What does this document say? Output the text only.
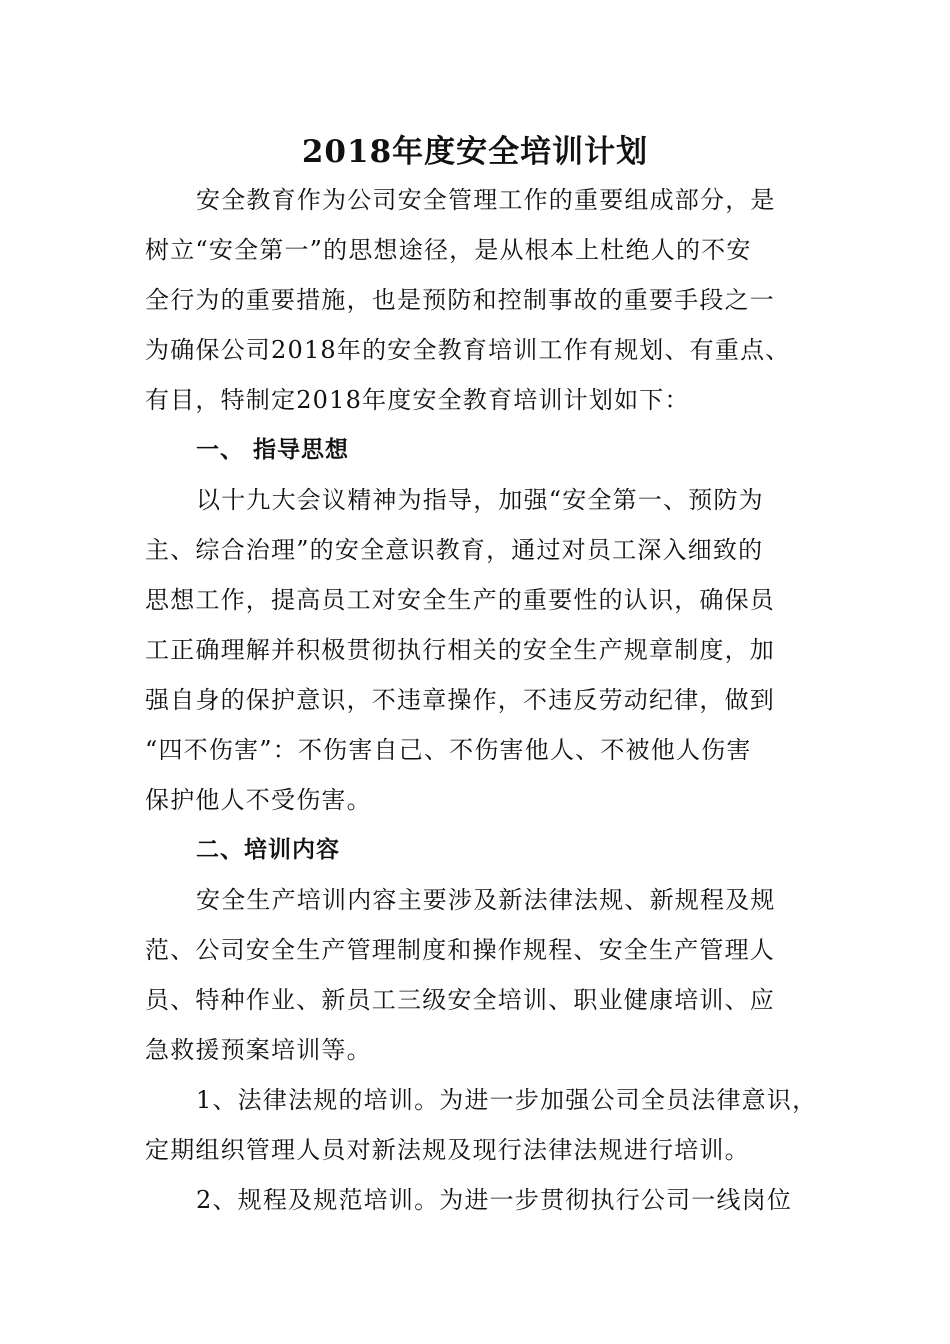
2018年度安全培训计划
安全教育作为公司安全管理工作的重要组成部分，是
树立“安全第一”的思想途径，是从根本上杜绝人的不安
全行为的重要措施，也是预防和控制事故的重要手段之一
为确保公司2018年的安全教育培训工作有规划、有重点、
有目，特制定2018年度安全教育培训计划如下：
一、 指导思想
以十九大会议精神为指导，加强“安全第一、预防为
主、综合治理”的安全意识教育，通过对员工深入细致的
思想工作，提高员工对安全生产的重要性的认识，确保员
工正确理解并积极贯彻执行相关的安全生产规章制度，加
强自身的保护意识，不违章操作，不违反劳动纪律，做到
“四不伤害”：不伤害自己、不伤害他人、不被他人伤害
保护他人不受伤害。
二、培训内容
安全生产培训内容主要涉及新法律法规、新规程及规
范、公司安全生产管理制度和操作规程、安全生产管理人
员、特种作业、新员工三级安全培训、职业健康培训、应
急救援预案培训等。
1、法律法规的培训。为进一步加强公司全员法律意识，
定期组织管理人员对新法规及现行法律法规进行培训。
2、规程及规范培训。为进一步贯彻执行公司一线岗位
